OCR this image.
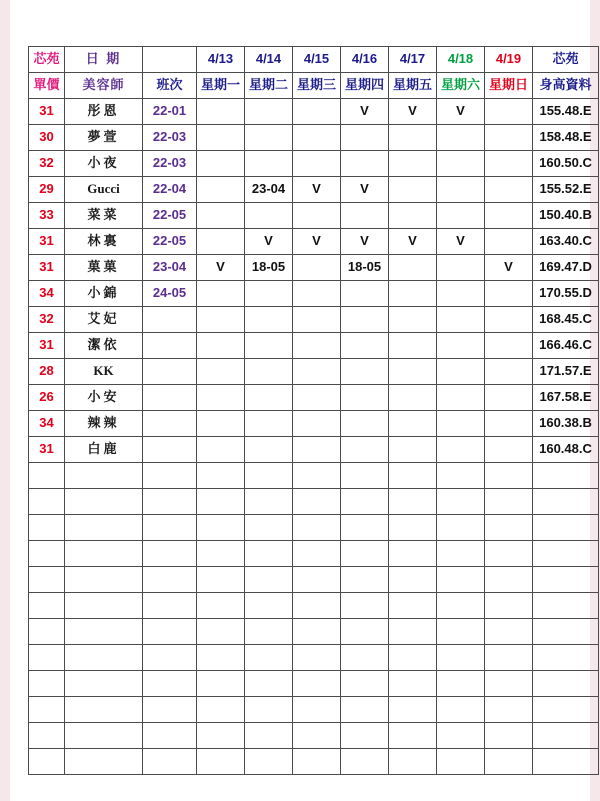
芯苑	日 期		4/13	4/14	4/15	4/16	4/17	4/18	4/19	芯苑
單價	美容師	班次	星期一	星期二	星期三	星期四	星期五	星期六	星期日	身高資料
31	彤恩	22-01				V	V	V		155.48.E
30	夢萱	22-03								158.48.E
32	小夜	22-03								160.50.C
29	Gucci	22-04		23-04	V	V				155.52.E
33	菜菜	22-05								150.40.B
31	林裏	22-05		V	V	V	V	V		163.40.C
31	菓菓	23-04	V	18-05		18-05			V	169.47.D
34	小錦	24-05								170.55.D
32	艾妃									168.45.C
31	潔依									166.46.C
28	KK									171.57.E
26	小安									167.58.E
34	辣辣									160.38.B
31	白鹿									160.48.C
